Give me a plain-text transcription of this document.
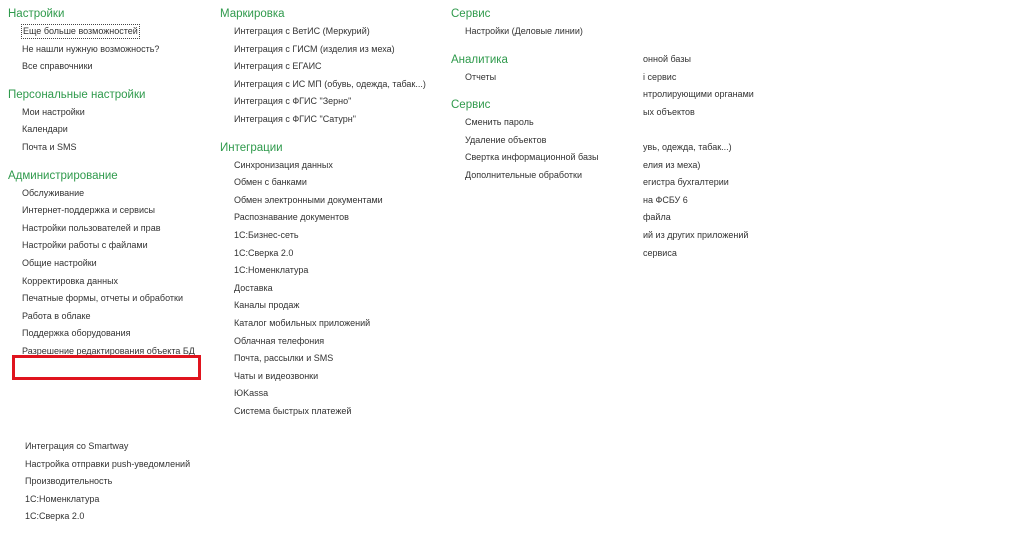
Настройки
Еще больше возможностей
Не нашли нужную возможность?
Все справочники
Персональные настройки
Мои настройки
Календари
Почта и SMS
Администрирование
Обслуживание
Интернет-поддержка и сервисы
Настройки пользователей и прав
Настройки работы с файлами
Общие настройки
Корректировка данных
Печатные формы, отчеты и обработки
Работа в облаке
Поддержка оборудования
Разрешение редактирования объекта БД
Интеграция со Smartway
Настройка отправки push-уведомлений
Производительность
1С:Номенклатура
1С:Сверка 2.0
Маркировка
Интеграция с ВетИС (Меркурий)
Интеграция с ГИСМ (изделия из меха)
Интеграция с ЕГАИС
Интеграция с ИС МП (обувь, одежда, табак...)
Интеграция с ФГИС "Зерно"
Интеграция с ФГИС "Сатурн"
Интеграции
Синхронизация данных
Обмен с банками
Обмен электронными документами
Распознавание документов
1С:Бизнес-сеть
1С:Сверка 2.0
1С:Номенклатура
Доставка
Каналы продаж
Каталог мобильных приложений
Облачная телефония
Почта, рассылки и SMS
Чаты и видеозвонки
ЮKassa
Система быстрых платежей
Сервис
Настройки (Деловые линии)
Аналитика
Отчеты
Сервис
Сменить пароль
Удаление объектов
Свертка информационной базы
Дополнительные обработки
онной базы
і сервис
нтролирующими органами
ых объектов
увь, одежда, табак...)
елия из меха)
егистра бухгалтерии
на ФСБУ 6
файла
ий из других приложений
сервиса
